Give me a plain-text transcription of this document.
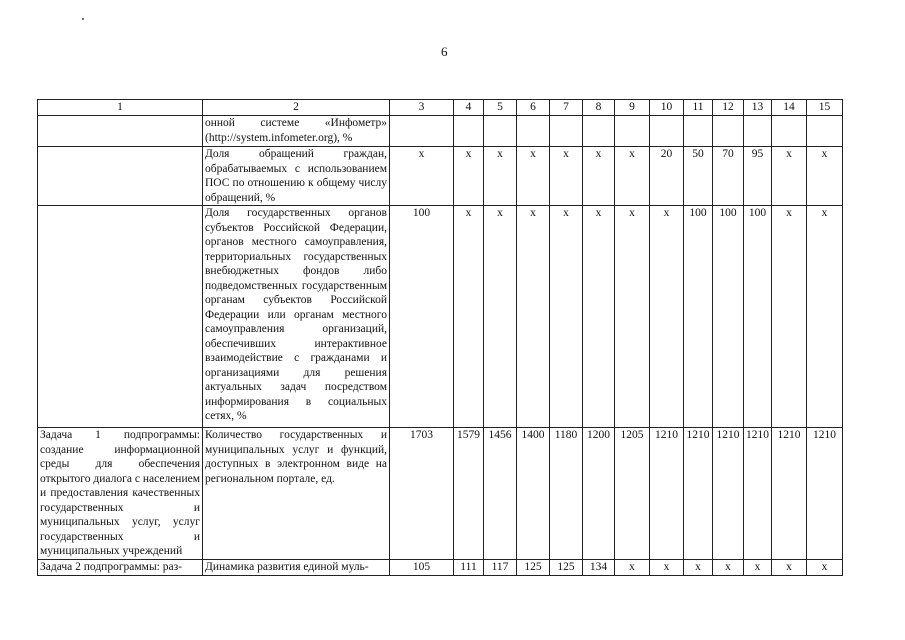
6
1	2	3	4	5	6	7	8	9	10	11	12	13	14	15
	онной системе «Инфометр» (http://system.infometer.org), %													
	Доля обращений граждан, обрабатываемых с использованием ПОС по отношению к общему числу обращений, %	x	x	x	x	x	x	x	20	50	70	95	x	x
	Доля государственных органов субъектов Российской Федерации, органов местного самоуправления, территориальных государственных внебюджетных фондов либо подведомственных государственным органам субъектов Российской Федерации или органам местного самоуправления организаций, обеспечивших интерактивное взаимодействие с гражданами и организациями для решения актуальных задач посредством информирования в социальных сетях, %	100	x	x	x	x	x	x	x	100	100	100	x	x
Задача 1 подпрограммы: создание информационной среды для обеспечения открытого диалога с населением и предоставления качественных государственных и муниципальных услуг, услуг государственных и муниципальных учреждений	Количество государственных и муниципальных услуг и функций, доступных в электронном виде на региональном портале, ед.	1703	1579	1456	1400	1180	1200	1205	1210	1210	1210	1210	1210	1210
Задача 2 подпрограммы: раз-	Динамика развития единой муль-	105	111	117	125	125	134	x	x	x	x	x	x	x
